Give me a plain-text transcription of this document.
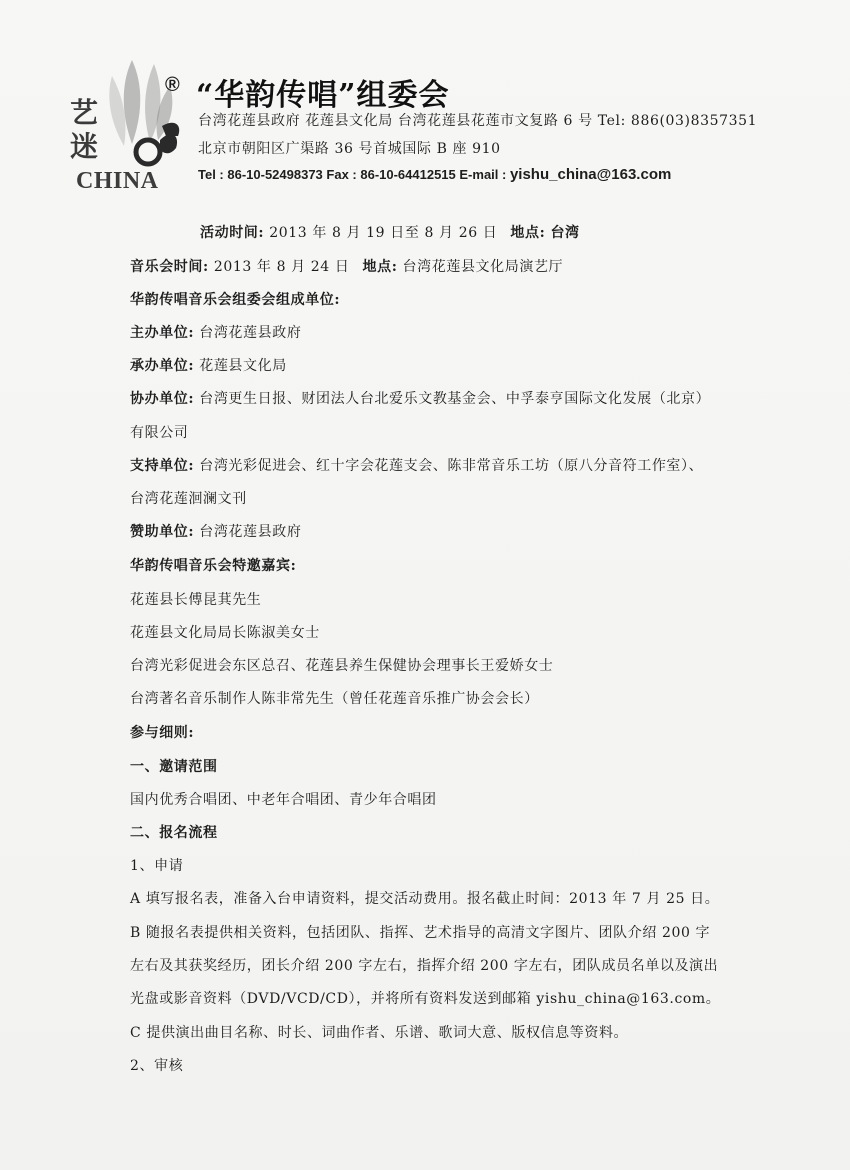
艺 迷
CHINA
® “华韵传唱”组委会
台湾花莲县政府 花莲县文化局 台湾花莲县花莲市文复路 6 号 Tel: 886(03)8357351
北京市朝阳区广渠路 36 号首城国际 B 座 910
Tel : 86-10-52498373 Fax : 86-10-64412515 E-mail : yishu_china@163.com
活动时间: 2013 年 8 月 19 日至 8 月 26 日 地点: 台湾
音乐会时间: 2013 年 8 月 24 日 地点: 台湾花莲县文化局演艺厅
华韵传唱音乐会组委会组成单位:
主办单位: 台湾花莲县政府
承办单位: 花莲县文化局
协办单位: 台湾更生日报、财团法人台北爱乐文教基金会、中孚泰亨国际文化发展（北京）
有限公司
支持单位: 台湾光彩促进会、红十字会花莲支会、陈非常音乐工坊（原八分音符工作室）、
台湾花莲洄澜文刊
赞助单位: 台湾花莲县政府
华韵传唱音乐会特邀嘉宾:
花莲县长傅昆萁先生
花莲县文化局局长陈淑美女士
台湾光彩促进会东区总召、花莲县养生保健协会理事长王爱娇女士
台湾著名音乐制作人陈非常先生（曾任花莲音乐推广协会会长）
参与细则:
一、邀请范围
国内优秀合唱团、中老年合唱团、青少年合唱团
二、报名流程
1、申请
A 填写报名表，准备入台申请资料，提交活动费用。报名截止时间：2013 年 7 月 25 日。
B 随报名表提供相关资料，包括团队、指挥、艺术指导的高清文字图片、团队介绍 200 字
左右及其获奖经历，团长介绍 200 字左右，指挥介绍 200 字左右，团队成员名单以及演出
光盘或影音资料（DVD/VCD/CD），并将所有资料发送到邮箱 yishu_china@163.com。
C 提供演出曲目名称、时长、词曲作者、乐谱、歌词大意、版权信息等资料。
2、审核
